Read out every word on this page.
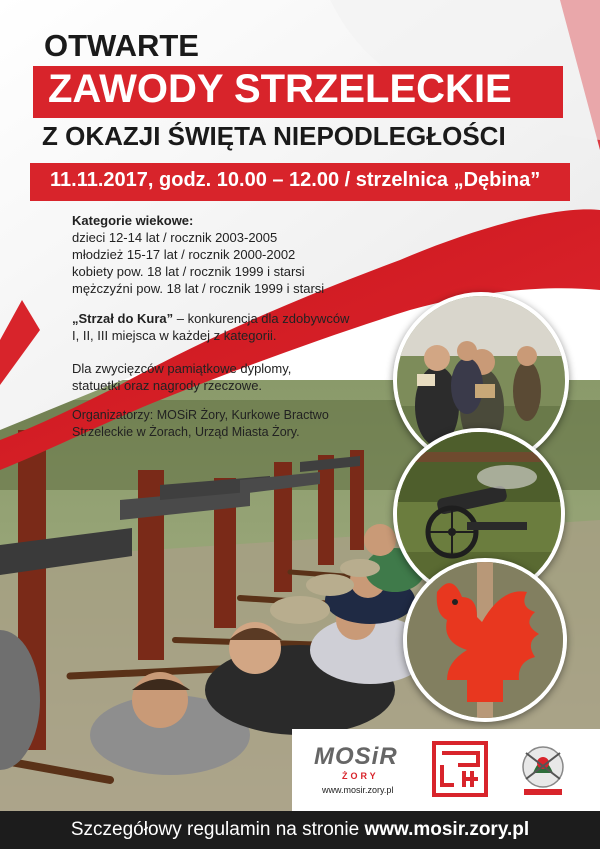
OTWARTE
ZAWODY STRZELECKIE
Z OKAZJI ŚWIĘTA NIEPODLEGŁOŚCI
11.11.2017, godz. 10.00 – 12.00 / strzelnica „Dębina”
Kategorie wiekowe:
dzieci 12-14 lat / rocznik 2003-2005
młodzież 15-17 lat / rocznik 2000-2002
kobiety pow. 18 lat / rocznik 1999 i starsi
mężczyźni pow. 18 lat / rocznik 1999 i starsi
„Strzał do Kura” – konkurencja dla zdobywców
I, II, III miejsca w każdej z kategorii.
Dla zwycięzców pamiątkowe dyplomy,
statuetki oraz nagrody rzeczowe.
Organizatorzy: MOSiR Żory, Kurkowe Bractwo
Strzeleckie w Żorach, Urząd Miasta Żory.
MOSiR
ŻORY
www.mosir.zory.pl
Szczegółowy regulamin na stronie www.mosir.zory.pl
